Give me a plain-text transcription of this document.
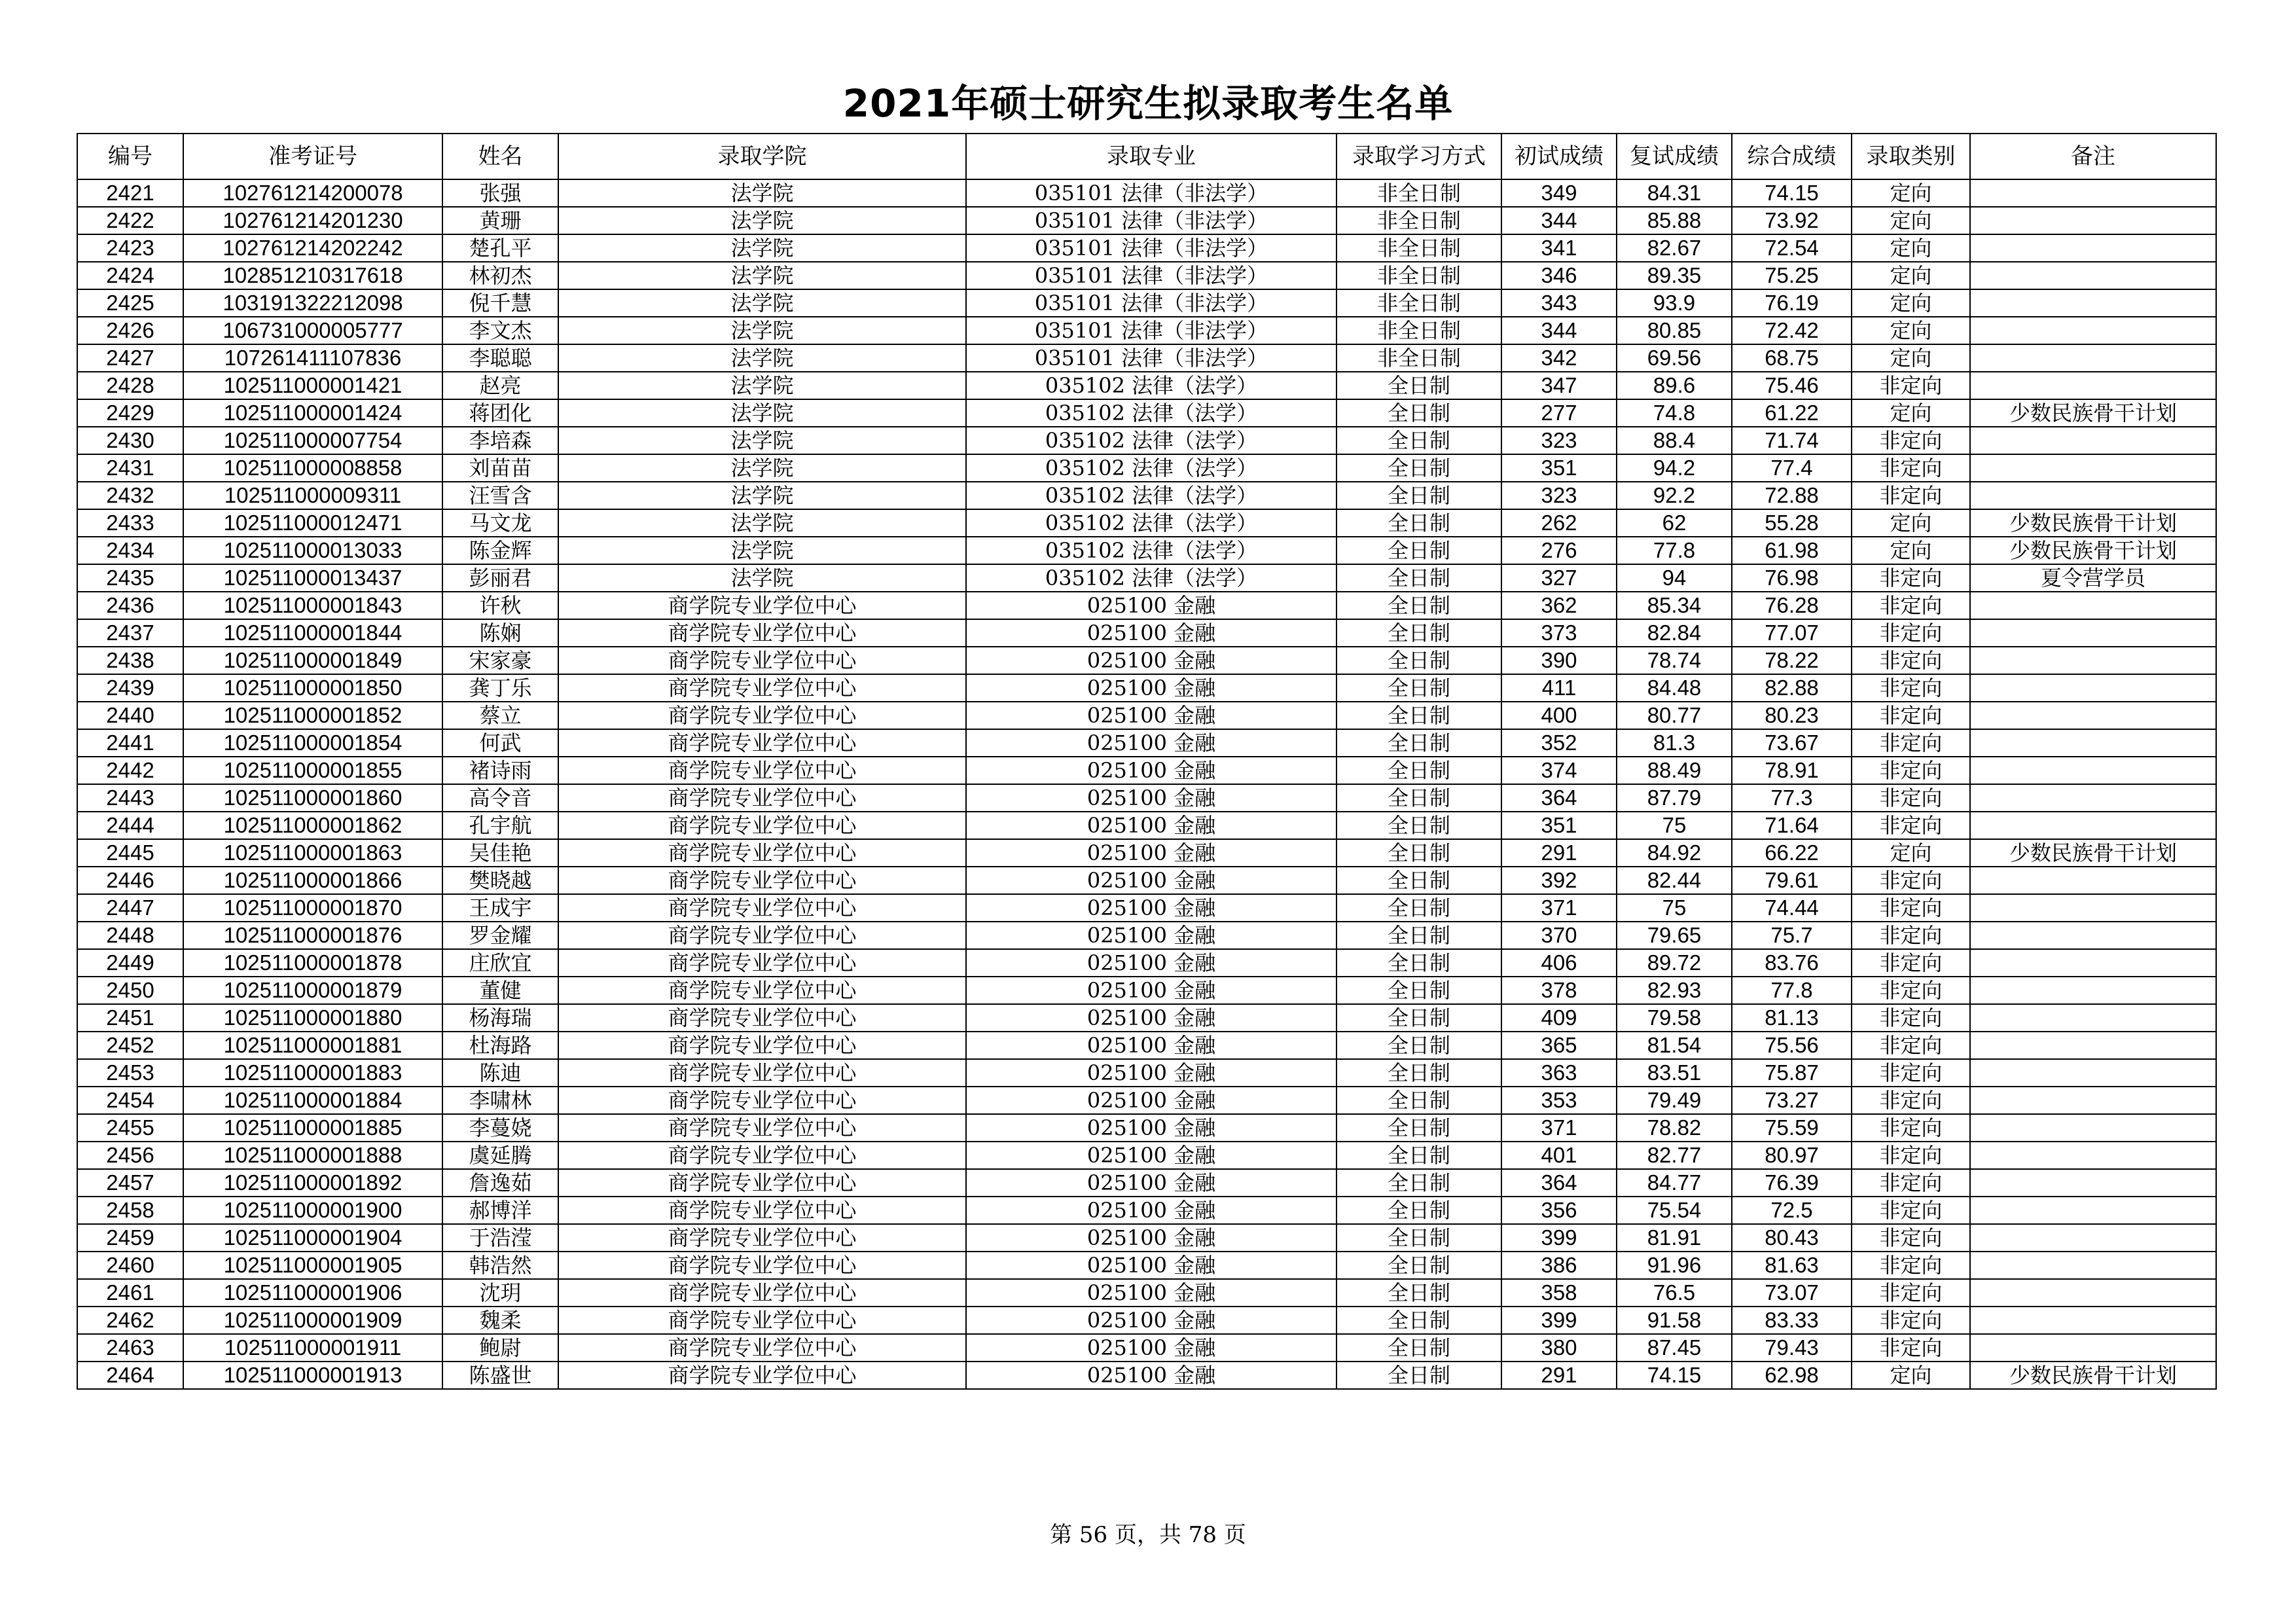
2021年硕士研究生拟录取考生名单
编号	准考证号	姓名	录取学院	录取专业	录取学习方式	初试成绩	复试成绩	综合成绩	录取类别	备注
2421	102761214200078	张强	法学院	035101 法律（非法学）	非全日制	349	84.31	74.15	定向	
2422	102761214201230	黄珊	法学院	035101 法律（非法学）	非全日制	344	85.88	73.92	定向	
2423	102761214202242	楚孔平	法学院	035101 法律（非法学）	非全日制	341	82.67	72.54	定向	
2424	102851210317618	林初杰	法学院	035101 法律（非法学）	非全日制	346	89.35	75.25	定向	
2425	103191322212098	倪千慧	法学院	035101 法律（非法学）	非全日制	343	93.9	76.19	定向	
2426	106731000005777	李文杰	法学院	035101 法律（非法学）	非全日制	344	80.85	72.42	定向	
2427	107261411107836	李聪聪	法学院	035101 法律（非法学）	非全日制	342	69.56	68.75	定向	
2428	102511000001421	赵亮	法学院	035102 法律（法学）	全日制	347	89.6	75.46	非定向	
2429	102511000001424	蒋团化	法学院	035102 法律（法学）	全日制	277	74.8	61.22	定向	少数民族骨干计划
2430	102511000007754	李培森	法学院	035102 法律（法学）	全日制	323	88.4	71.74	非定向	
2431	102511000008858	刘苗苗	法学院	035102 法律（法学）	全日制	351	94.2	77.4	非定向	
2432	102511000009311	汪雪含	法学院	035102 法律（法学）	全日制	323	92.2	72.88	非定向	
2433	102511000012471	马文龙	法学院	035102 法律（法学）	全日制	262	62	55.28	定向	少数民族骨干计划
2434	102511000013033	陈金辉	法学院	035102 法律（法学）	全日制	276	77.8	61.98	定向	少数民族骨干计划
2435	102511000013437	彭丽君	法学院	035102 法律（法学）	全日制	327	94	76.98	非定向	夏令营学员
2436	102511000001843	许秋	商学院专业学位中心	025100 金融	全日制	362	85.34	76.28	非定向	
2437	102511000001844	陈娴	商学院专业学位中心	025100 金融	全日制	373	82.84	77.07	非定向	
2438	102511000001849	宋家豪	商学院专业学位中心	025100 金融	全日制	390	78.74	78.22	非定向	
2439	102511000001850	龚丁乐	商学院专业学位中心	025100 金融	全日制	411	84.48	82.88	非定向	
2440	102511000001852	蔡立	商学院专业学位中心	025100 金融	全日制	400	80.77	80.23	非定向	
2441	102511000001854	何武	商学院专业学位中心	025100 金融	全日制	352	81.3	73.67	非定向	
2442	102511000001855	褚诗雨	商学院专业学位中心	025100 金融	全日制	374	88.49	78.91	非定向	
2443	102511000001860	高令音	商学院专业学位中心	025100 金融	全日制	364	87.79	77.3	非定向	
2444	102511000001862	孔宇航	商学院专业学位中心	025100 金融	全日制	351	75	71.64	非定向	
2445	102511000001863	吴佳艳	商学院专业学位中心	025100 金融	全日制	291	84.92	66.22	定向	少数民族骨干计划
2446	102511000001866	樊晓越	商学院专业学位中心	025100 金融	全日制	392	82.44	79.61	非定向	
2447	102511000001870	王成宇	商学院专业学位中心	025100 金融	全日制	371	75	74.44	非定向	
2448	102511000001876	罗金耀	商学院专业学位中心	025100 金融	全日制	370	79.65	75.7	非定向	
2449	102511000001878	庄欣宜	商学院专业学位中心	025100 金融	全日制	406	89.72	83.76	非定向	
2450	102511000001879	董健	商学院专业学位中心	025100 金融	全日制	378	82.93	77.8	非定向	
2451	102511000001880	杨海瑞	商学院专业学位中心	025100 金融	全日制	409	79.58	81.13	非定向	
2452	102511000001881	杜海路	商学院专业学位中心	025100 金融	全日制	365	81.54	75.56	非定向	
2453	102511000001883	陈迪	商学院专业学位中心	025100 金融	全日制	363	83.51	75.87	非定向	
2454	102511000001884	李啸林	商学院专业学位中心	025100 金融	全日制	353	79.49	73.27	非定向	
2455	102511000001885	李蔓娆	商学院专业学位中心	025100 金融	全日制	371	78.82	75.59	非定向	
2456	102511000001888	虞延腾	商学院专业学位中心	025100 金融	全日制	401	82.77	80.97	非定向	
2457	102511000001892	詹逸茹	商学院专业学位中心	025100 金融	全日制	364	84.77	76.39	非定向	
2458	102511000001900	郝博洋	商学院专业学位中心	025100 金融	全日制	356	75.54	72.5	非定向	
2459	102511000001904	于浩滢	商学院专业学位中心	025100 金融	全日制	399	81.91	80.43	非定向	
2460	102511000001905	韩浩然	商学院专业学位中心	025100 金融	全日制	386	91.96	81.63	非定向	
2461	102511000001906	沈玥	商学院专业学位中心	025100 金融	全日制	358	76.5	73.07	非定向	
2462	102511000001909	魏柔	商学院专业学位中心	025100 金融	全日制	399	91.58	83.33	非定向	
2463	102511000001911	鲍尉	商学院专业学位中心	025100 金融	全日制	380	87.45	79.43	非定向	
2464	102511000001913	陈盛世	商学院专业学位中心	025100 金融	全日制	291	74.15	62.98	定向	少数民族骨干计划
第 56 页，共 78 页
